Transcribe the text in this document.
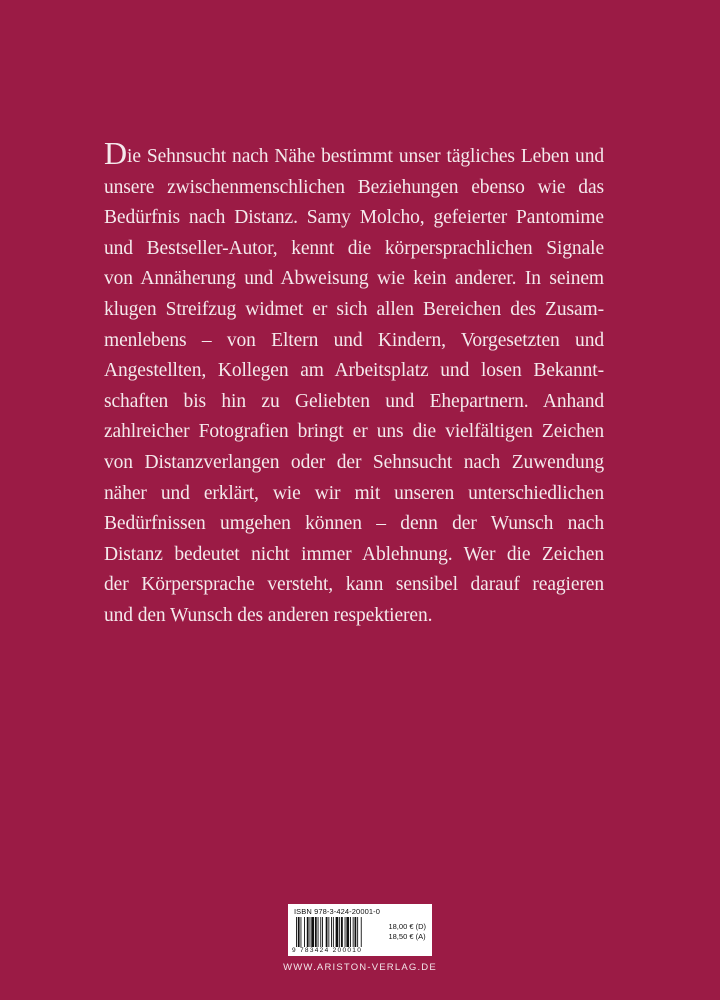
Die Sehnsucht nach Nähe bestimmt unser tägliches Leben und
unsere zwischenmenschlichen Beziehungen ebenso wie das
Bedürfnis nach Distanz. Samy Molcho, gefeierter Pantomime
und Bestseller-Autor, kennt die körpersprachlichen Signale
von Annäherung und Abweisung wie kein anderer. In seinem
klugen Streifzug widmet er sich allen Bereichen des Zusam-
menlebens – von Eltern und Kindern, Vorgesetzten und
Angestellten, Kollegen am Arbeitsplatz und losen Bekannt-
schaften bis hin zu Geliebten und Ehepartnern. Anhand
zahlreicher Fotografien bringt er uns die vielfältigen Zeichen
von Distanzverlangen oder der Sehnsucht nach Zuwendung
näher und erklärt, wie wir mit unseren unterschiedlichen
Bedürfnissen umgehen können – denn der Wunsch nach
Distanz bedeutet nicht immer Ablehnung. Wer die Zeichen
der Körpersprache versteht, kann sensibel darauf reagieren
und den Wunsch des anderen respektieren.
ISBN 978-3-424-20001-0
9 783424 200010
18,00 € (D)
18,50 € (A)
WWW.ARISTON-VERLAG.DE
